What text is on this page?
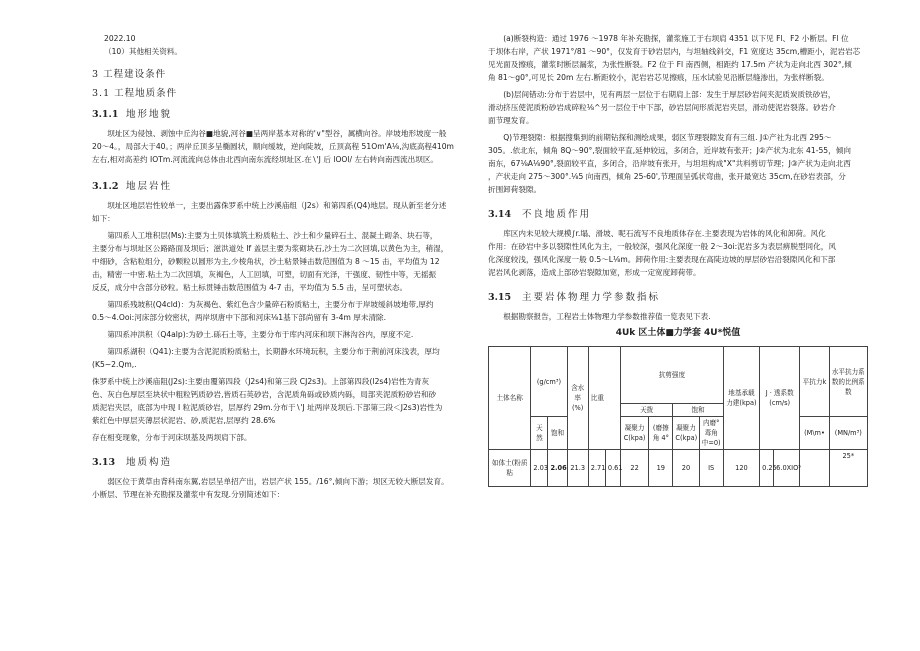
2022.10

（10）其他相关资料。

3 工程建设条件
3.1 工程地质条件
3.1.1 地形地貌

坝址区为侵蚀、剥蚀中丘沟谷■地貌,河谷■呈两岸基本对称的'∨"型谷，属横向谷。岸坡地形坡度一般

20～4。，局部大于40。；两岸丘顶多呈椭圆状，顺向缓坡，逆向陡坡，丘顶高程 51Om'A⅛,沟底高程410m

左右,相对高差约 IOTm.河流流向总体由北西向南东流经坝址区.在∖'J 后 lOOl/ 左右转向南西流出坝区。

3.1.2 地层岩性

坝址区地层岩性较单一，主要出露侏罗系中统上沙溪庙组（J2s）和第四系(Q4)地层。现从新至老分述

如下：

第四系人工堆积层(Ms):主要为土贝体填筑土粉质粘土、沙土和少量碎石土、混凝土砌条、块石等，

主要分布与坝址区公路路面及坝后；滋洪道处 If 盖层主要为浆砌块石,沙土为二次回填,以黄色为主，稍湿，

中细砂，含粘粒组分，砂颗粒以圆形为主,少棱角状，沙土粘景锤击数范围值为 8 ～15 击，平均值为 12

击，精密一中密.粘土为二次回填，灰褐色，人工回填，可塑，切面有光泽，干强度、韧性中等，无摇振

反反，成分中含部分砂粒。粘土标贯锤击数范围值为 4-7 击，平均值为 5.5 击，呈可塑状态。

第四系残坡积(Q4cld)：为灰褐色、紫红色含少量碎石粉质粘土，主要分布于岸坡缓斜坡地带,厚约

0.5～4.Ooi:河床部分较密状，两岸坝唐中下部和河床⅛1基下部尚留有 3-4m 厚未清除.

第四系冲洪积（Q4alp):为砂土.砾石土等，主要分布于库内河床和坝下淋沟谷内，厚度不定.

第四系湖积（Q41):主要为含泥泥质粉质粘土，长期静水环境玩积，主要分布于荆前河床浅表，厚均

(K5~2.Qm,.

侏罗系中统上沙溪庙阻(J2s):主要由覆第四段（J2s4)和第三段 CJ2s3)。上部第四段(l2s4)岩性为青灰

色、灰白色厚层至块状中粗粒钙质砂岩,皆质石英砂岩，含泥质角砾或砂质内砾，局部夹泥质粉砂岩和砂

质泥岩夹层，底部为中现 I 粒泥质砂岩，层厚约 29m.分布于∖'J 址两岸及坝后.下部第三段＜J2s3)岩性为

紫红色中厚层夹薄层状泥岩、砂,质泥岩,层厚约 28.6%

存在相变现象，分布于河床坝基及两坝肩下部。

3.13 地质构造

弱区位于黄草由背科南东翼,岩层呈单招产出，岩层产状 155。/16°,倾向下游；坝区无较大断层发育。

小断层、节理在补充勘探及灌浆中有发现.分别简述如下：

(a)断裂构造：通过 1976 ～1978 年补充勘探，灌浆施工于右坝肩 4351 以下见 Fl、F2 小断层。Fl 位

于坝体右岸，产状 1971°/81 ～90°，仅发育于砂岩层内，与坦轴线斜交，F1 宽度达 35cm,槽距小，泥岩岩芯

见光面及擦痕，灌浆时断层漏浆，为张性断裂。F2 位于 Fl 南西侧，相距约 17.5m 产状为走向北西 302°,倾

角 81～g0°,可见长 20m 左右.断距较小，泥岩岩芯见擦痕，压水试验见沿断层缝渗出，为张样断裂。

(b)层间错动:分布于岩层中，见有两层一层位于右期肩上部：发生于厚层砂岩间夹泥质炭质铁砂岩，

滑动挤压使泥质粉砂岩成碎粒⅛^另一层位于中下部，砂岩层间形质泥岩夹层，滑动使泥岩裂落。砂岩介

面节理发育。

Q)节理裂隙：根据搜集到的前期钻探和测绘成果，弱区节理裂隙发育有三组. J①产社为北西 295～

305。.依北东，倾角 8Q～90°,裂面较平直,延伸较远，多闭合，近岸坡有张开；J②产状为北东 41-55，倾向

南东，67⅛A⅛90°,裂面较平直，多闭合，沿岸坡有张开，与坦坦构成"X"共料剪切节理；J③产状为走向北西

，产状走向 275～300°.⅛5 向南西，倾角 25-60',节理面呈弧状弯曲，张开最宽达 35cm,在砂岩表部，分

折围卸荷裂隙。

3.14 不良地质作用

库区内未见较大规模∫r.塌、滑坡、呢石流写不良地质体存在.主要表现为岩体的风化和卸荷。风化

作用：在砂岩中多以裂隙性风化为主，一般较深，强风化深度一般 2～3oi:泥岩多为表层痹脱型同化，风

化深度较浅，强风化深度一般 0.5～L⅛m。卸荷作用:主要表现在高陡边坡的厚层砂岩沿裂隙风化和下部

泥岩风化剥落，造成上部砂岩裂隙加宽，形成一定宽度卸荷带。

3.15 主要岩体物理力学参数指标

根据勘察报告，工程岩土体物理力学参数推荐值一览表见下表.

4Uk 区土体■力学套 4U*悦值
土体名称	(g/cm³)		含水率(%)	比重		抗剪强度				地基承载力建(kpa)	J · 透系数(cm/s)		平抗力k	水平抗力系数的比例系数
						天拨		饱和						
	天然	饱和				凝聚力C(kpa)	(磨擦角 4°	凝聚力C(kpa)	内磨°毒角中=0)				(M\m•	(MN/m³)
如体土(粉质粘	2.03	2.06	21.3	2.71	0.61	22	19	20	IS	120	0.25	6.0XIO⁵		25*
